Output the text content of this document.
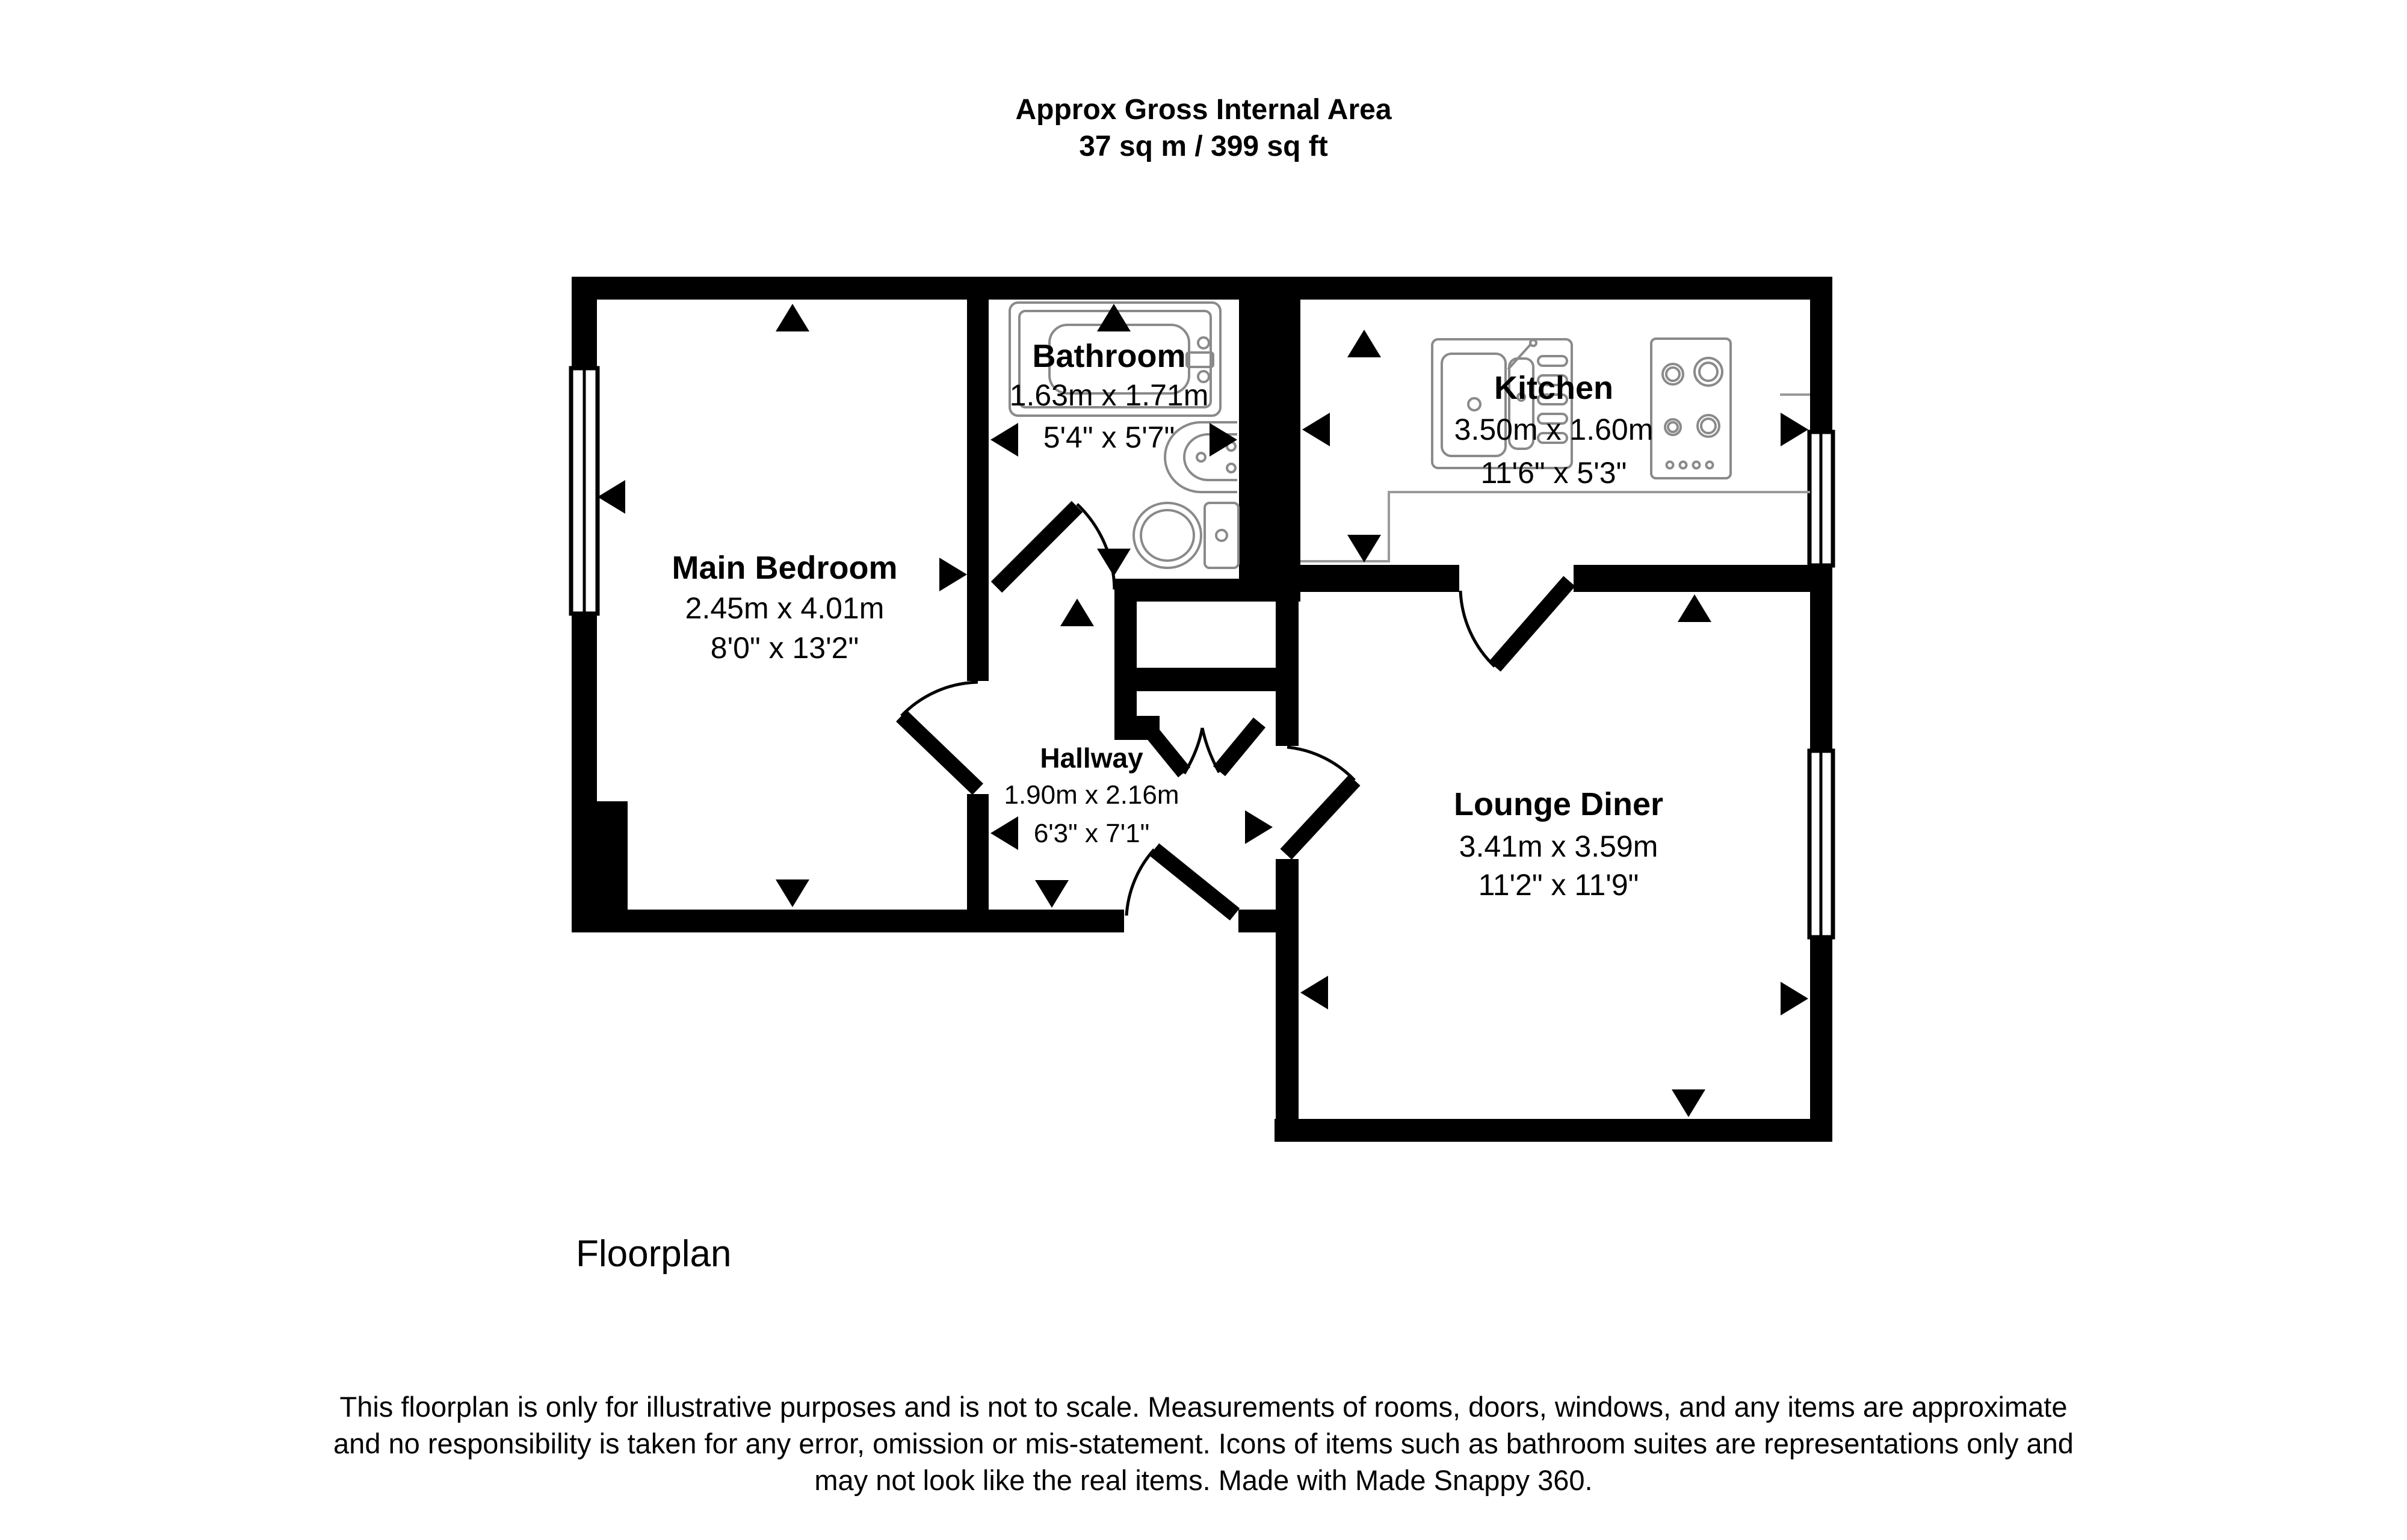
Approx Gross Internal Area
37 sq m / 399 sq ft
Bathroom
1.63m x 1.71m
5'4" x 5'7"
Kitchen
3.50m x 1.60m
11'6" x 5'3"
Main Bedroom
2.45m x 4.01m
8'0" x 13'2"
Hallway
1.90m x 2.16m
6'3" x 7'1"
Lounge Diner
3.41m x 3.59m
11'2" x 11'9"
Floorplan
This floorplan is only for illustrative purposes and is not to scale. Measurements of rooms, doors, windows, and any items are approximate
and no responsibility is taken for any error, omission or mis-statement. Icons of items such as bathroom suites are representations only and
may not look like the real items. Made with Made Snappy 360.
